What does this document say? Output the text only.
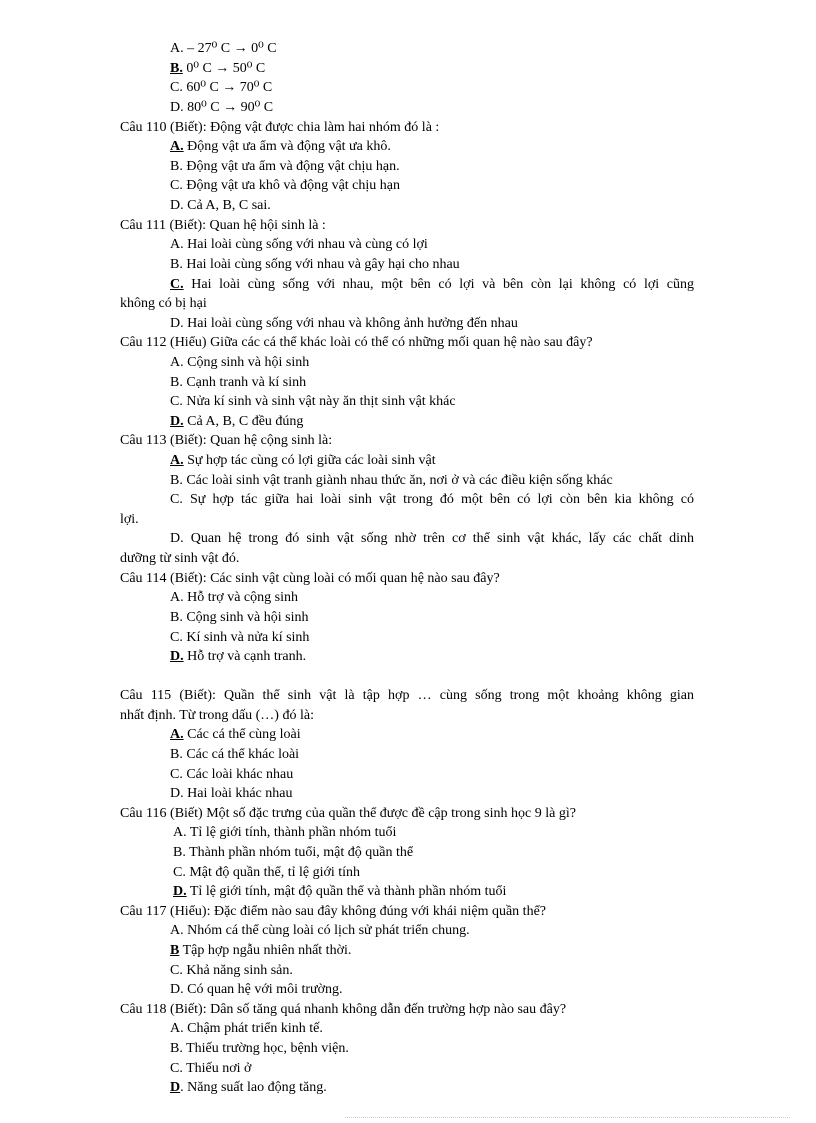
A. – 27⁰ C → 0⁰ C
B. 0⁰ C → 50⁰ C
C. 60⁰ C → 70⁰ C
D. 80⁰ C → 90⁰ C
Câu 110 (Biết): Động vật được chia làm hai nhóm đó là :
A. Động vật ưa ẩm và động vật ưa khô.
B. Động vật ưa ẩm và động vật chịu hạn.
C. Động vật ưa khô và động vật chịu hạn
D. Cả A, B, C sai.
Câu 111 (Biết): Quan hệ hội sinh là :
A. Hai loài cùng sống với nhau và cùng có lợi
B. Hai loài cùng sống với nhau và gây hại cho nhau
C. Hai loài cùng sống với nhau, một bên có lợi và bên còn lại không có lợi cũng
không có bị hại
D. Hai loài cùng sống với nhau và không ảnh hưởng đến nhau
Câu 112 (Hiểu) Giữa các cá thể khác loài có thể có những mối quan hệ nào sau đây?
A. Cộng sinh và hội sinh
B. Cạnh tranh và kí sinh
C. Nửa kí sinh và sinh vật này ăn thịt sinh vật khác
D. Cả A, B, C đều đúng
Câu 113 (Biết): Quan hệ cộng sinh là:
A. Sự hợp tác cùng có lợi giữa các loài sinh vật
B. Các loài sinh vật tranh giành nhau thức ăn, nơi ở và các điều kiện sống khác
C. Sự hợp tác giữa hai loài sinh vật trong đó một bên có lợi còn bên kia không có
lợi.
D. Quan hệ trong đó sinh vật sống nhờ trên cơ thể sinh vật khác, lấy các chất dinh
dưỡng từ sinh vật đó.
Câu 114 (Biết): Các sinh vật cùng loài có mối quan hệ nào sau đây?
A. Hỗ trợ và cộng sinh
B. Cộng sinh và hội sinh
C. Kí sinh và nửa kí sinh
D. Hỗ trợ và cạnh tranh.
Câu 115 (Biết): Quần thể sinh vật là tập hợp … cùng sống trong một khoảng không gian
nhất định. Từ trong dấu (…) đó là:
A. Các cá thể cùng loài
B. Các cá thể khác loài
C. Các loài khác nhau
D. Hai loài khác nhau
Câu 116 (Biết) Một số đặc trưng của quần thể được đề cập trong sinh học 9 là gì?
A. Tỉ lệ giới tính, thành phần nhóm tuổi
B. Thành phần nhóm tuổi, mật độ quần thể
C. Mật độ quần thể, tỉ lệ giới tính
D. Tỉ lệ giới tính, mật độ quần thể và thành phần nhóm tuổi
Câu 117 (Hiểu): Đặc điểm nào sau đây không đúng với khái niệm quần thể?
A. Nhóm cá thể cùng loài có lịch sử phát triển chung.
B Tập hợp ngẫu nhiên nhất thời.
C. Khả năng sinh sản.
D. Có quan hệ với môi trường.
Câu 118 (Biết): Dân số tăng quá nhanh không dẫn đến trường hợp nào sau đây?
A. Chậm phát triển kinh tế.
B. Thiếu trường học, bệnh viện.
C. Thiếu nơi ở
D. Năng suất lao động tăng.
